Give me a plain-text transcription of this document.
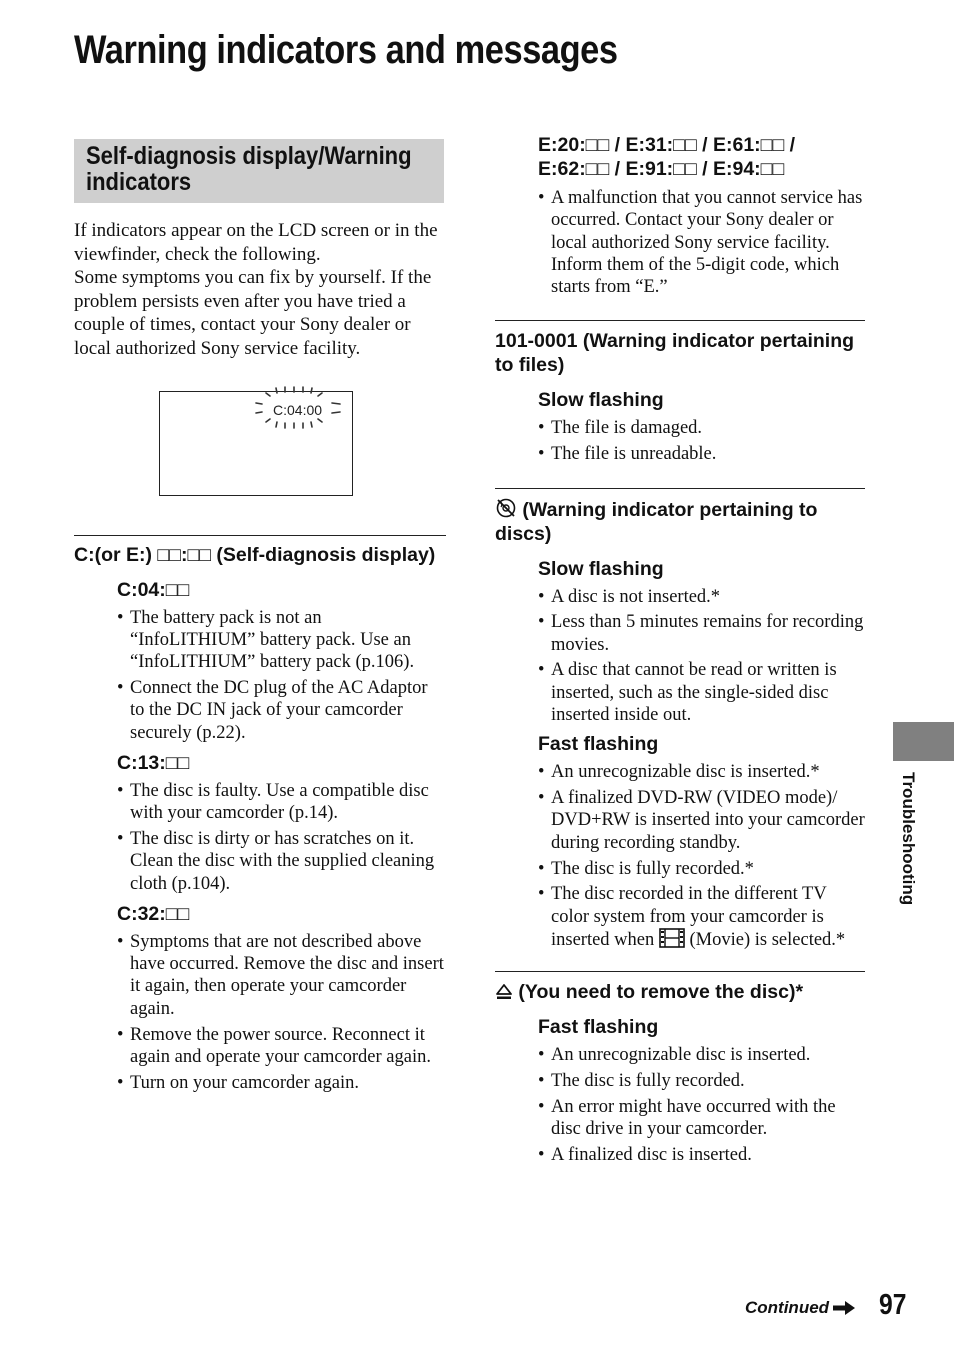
Warning indicators and messages
Self-diagnosis display/Warning
indicators

If indicators appear on the LCD screen or in the viewfinder, check the following.

Some symptoms you can fix by yourself. If the problem persists even after you have tried a couple of times, contact your Sony dealer or local authorized Sony service facility.

C:04:00
C:(or E:) □□:□□ (Self-diagnosis display)
C:04:□□
• The battery pack is not an “InfoLITHIUM” battery pack. Use an “InfoLITHIUM” battery pack (p.106).
• Connect the DC plug of the AC Adaptor to the DC IN jack of your camcorder securely (p.22).
C:13:□□
• The disc is faulty. Use a compatible disc with your camcorder (p.14).
• The disc is dirty or has scratches on it. Clean the disc with the supplied cleaning cloth (p.104).
C:32:□□
• Symptoms that are not described above have occurred. Remove the disc and insert it again, then operate your camcorder again.
• Remove the power source. Reconnect it again and operate your camcorder again.
• Turn on your camcorder again.
E:20:□□ / E:31:□□ / E:61:□□ /
E:62:□□ / E:91:□□ / E:94:□□
• A malfunction that you cannot service has occurred. Contact your Sony dealer or local authorized Sony service facility. Inform them of the 5-digit code, which starts from “E.”
101-0001 (Warning indicator pertaining to files)
Slow flashing
• The file is damaged.
• The file is unreadable.
(Warning indicator pertaining to discs)
Slow flashing
• A disc is not inserted.*
• Less than 5 minutes remains for recording movies.
• A disc that cannot be read or written is inserted, such as the single-sided disc inserted inside out.
Fast flashing
• An unrecognizable disc is inserted.*
• A finalized DVD-RW (VIDEO mode)/ DVD+RW is inserted into your camcorder during recording standby.
• The disc is fully recorded.*
• The disc recorded in the different TV color system from your camcorder is inserted when (Movie) is selected.*
(You need to remove the disc)*
Fast flashing
• An unrecognizable disc is inserted.
• The disc is fully recorded.
• An error might have occurred with the disc drive in your camcorder.
• A finalized disc is inserted.
Troubleshooting
Continued 97
